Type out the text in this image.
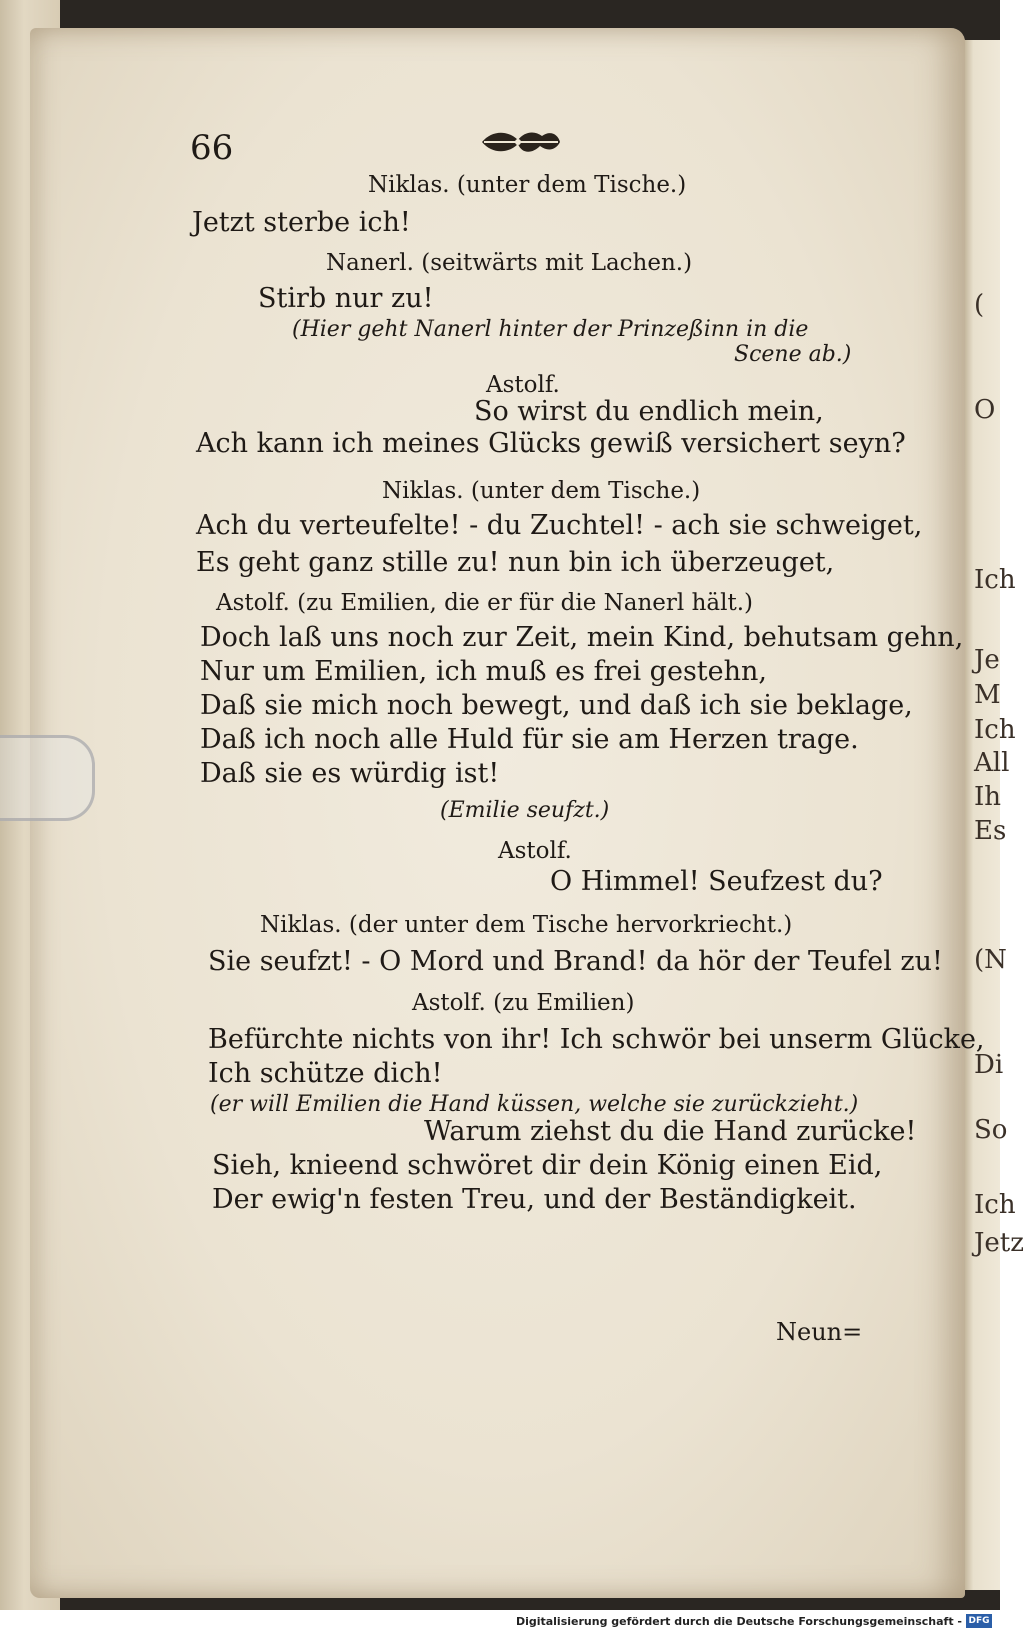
(
O
Ich
Je
M
Ich
All
Ih
Es
(N
Di
So
Ich
Jetz
66
Niklas. (unter dem Tische.)
Jetzt sterbe ich!
Nanerl. (seitwärts mit Lachen.)
Stirb nur zu!
(Hier geht Nanerl hinter der Prinzeßinn in die
Scene ab.)
Astolf.
So wirst du endlich mein,
Ach kann ich meines Glücks gewiß versichert seyn?
Niklas. (unter dem Tische.)
Ach du verteufelte! - du Zuchtel! - ach sie schweiget,
Es geht ganz stille zu! nun bin ich überzeuget,
Astolf. (zu Emilien, die er für die Nanerl hält.)
Doch laß uns noch zur Zeit, mein Kind, behutsam gehn,
Nur um Emilien, ich muß es frei gestehn,
Daß sie mich noch bewegt, und daß ich sie beklage,
Daß ich noch alle Huld für sie am Herzen trage.
Daß sie es würdig ist!
(Emilie seufzt.)
Astolf.
O Himmel! Seufzest du?
Niklas. (der unter dem Tische hervorkriecht.)
Sie seufzt! - O Mord und Brand! da hör der Teufel zu!
Astolf. (zu Emilien)
Befürchte nichts von ihr! Ich schwör bei unserm Glücke,
Ich schütze dich!
(er will Emilien die Hand küssen, welche sie zurückzieht.)
Warum ziehst du die Hand zurücke!
Sieh, knieend schwöret dir dein König einen Eid,
Der ewig'n festen Treu, und der Beständigkeit.
Neun=
Digitalisierung gefördert durch die Deutsche Forschungsgemeinschaft - DFG
